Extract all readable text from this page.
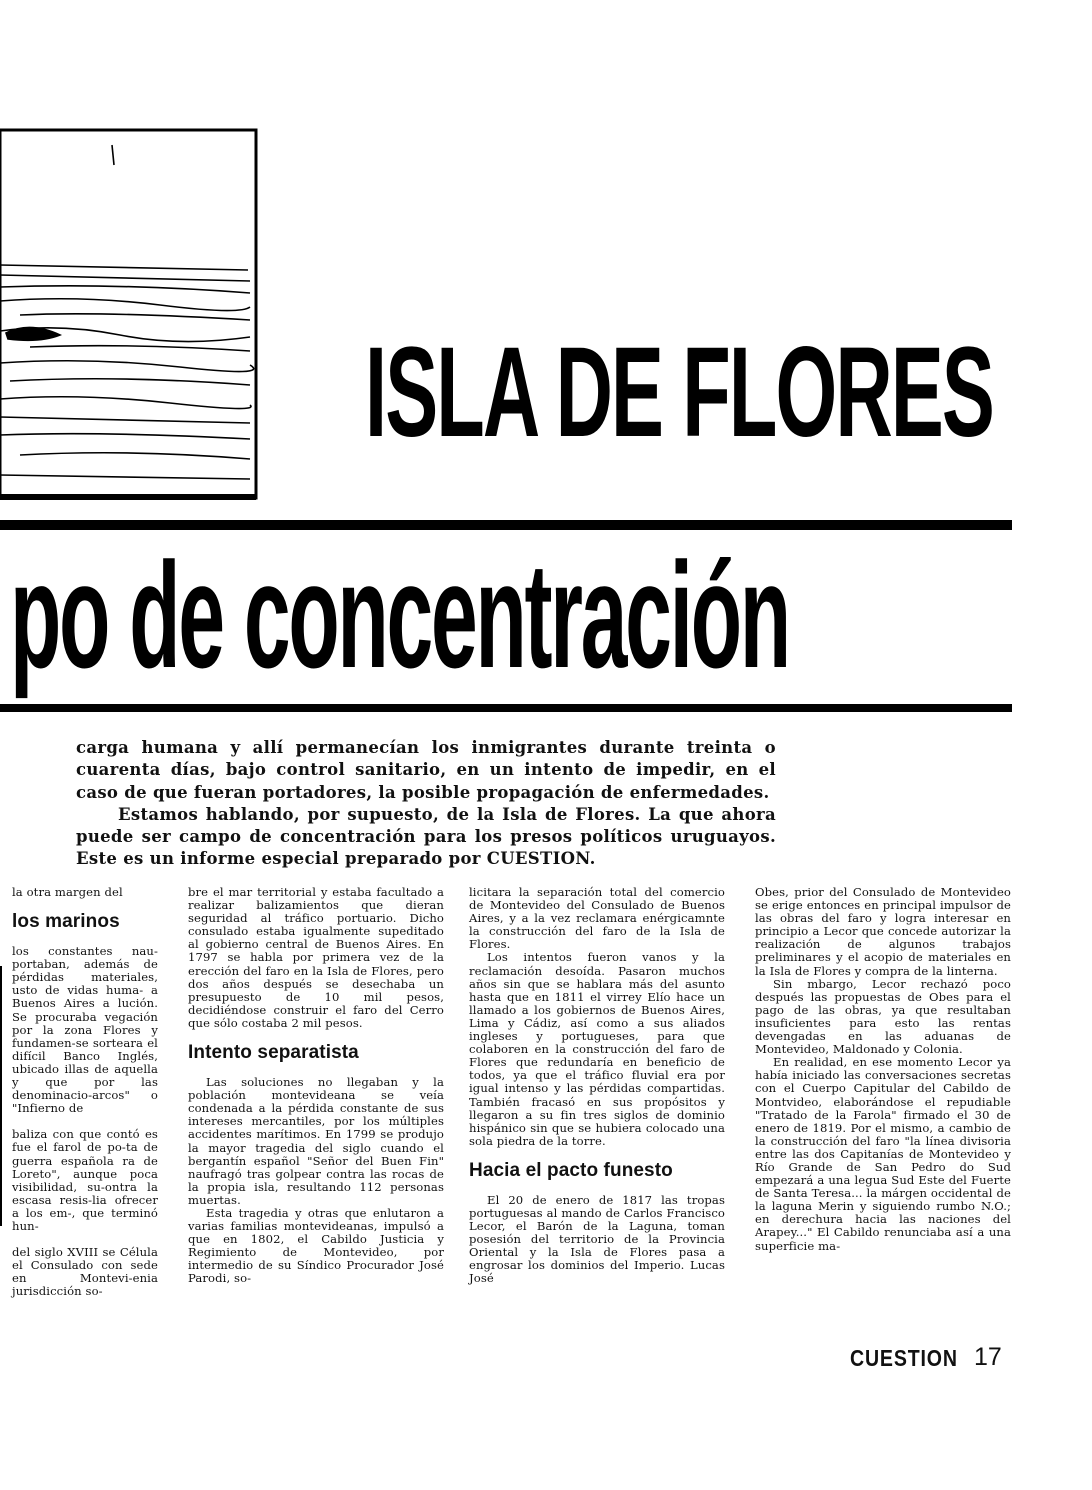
ISLA DE FLORES
po de concentración

carga humana y allí permanecían los inmigrantes durante treinta o cuarenta días, bajo control sanitario, en un intento de impedir, en el caso de que fueran portadores, la posible propagación de enfermedades.

Estamos hablando, por supuesto, de la Isla de Flores. La que ahora puede ser campo de concentración para los presos políticos uruguayos. Este es un informe especial preparado por CUESTION.

la otra margen del

los marinos

los constantes nau-portaban, además de pérdidas materiales, usto de vidas huma- a Buenos Aires a lución. Se procuraba vegación por la zona Flores y fundamen-se sorteara el difícil Banco Inglés, ubicado illas de aquella y que por las denominacio-arcos" o "Infierno de

baliza con que contó es fue el farol de po-ta de guerra española ra de Loreto", aunque poca visibilidad, su-ontra la escasa resis-lia ofrecer a los em-, que terminó hun-

del siglo XVIII se Célula el Consulado con sede en Montevi-enia jurisdicción so-

bre el mar territorial y estaba facultado a realizar balizamientos que dieran seguridad al tráfico portuario. Dicho consulado estaba igualmente supeditado al gobierno central de Buenos Aires. En 1797 se habla por primera vez de la erección del faro en la Isla de Flores, pero dos años después se desechaba un presupuesto de 10 mil pesos, decidiéndose construir el faro del Cerro que sólo costaba 2 mil pesos.

Intento separatista

Las soluciones no llegaban y la población montevideana se veía condenada a la pérdida constante de sus intereses mercantiles, por los múltiples accidentes marítimos. En 1799 se produjo la mayor tragedia del siglo cuando el bergantín español "Señor del Buen Fin" naufragó tras golpear contra las rocas de la propia isla, resultando 112 personas muertas.

Esta tragedia y otras que enlutaron a varias familias montevideanas, impulsó a que en 1802, el Cabildo Justicia y Regimiento de Montevideo, por intermedio de su Síndico Procurador José Parodi, so-

licitara la separación total del comercio de Montevideo del Consulado de Buenos Aires, y a la vez reclamara enérgicamnte la construcción del faro de la Isla de Flores.

Los intentos fueron vanos y la reclamación desoída. Pasaron muchos años sin que se hablara más del asunto hasta que en 1811 el virrey Elío hace un llamado a los gobiernos de Buenos Aires, Lima y Cádiz, así como a sus aliados ingleses y portugueses, para que colaboren en la construcción del faro de Flores que redundaría en beneficio de todos, ya que el tráfico fluvial era por igual intenso y las pérdidas compartidas. También fracasó en sus propósitos y llegaron a su fin tres siglos de dominio hispánico sin que se hubiera colocado una sola piedra de la torre.

Hacia el pacto funesto

El 20 de enero de 1817 las tropas portuguesas al mando de Carlos Francisco Lecor, el Barón de la Laguna, toman posesión del territorio de la Provincia Oriental y la Isla de Flores pasa a engrosar los dominios del Imperio. Lucas José

Obes, prior del Consulado de Montevideo se erige entonces en principal impulsor de las obras del faro y logra interesar en principio a Lecor que concede autorizar la realización de algunos trabajos preliminares y el acopio de materiales en la Isla de Flores y compra de la linterna.

Sin mbargo, Lecor rechazó poco después las propuestas de Obes para el pago de las obras, ya que resultaban insuficientes para esto las rentas devengadas en las aduanas de Montevideo, Maldonado y Colonia.

En realidad, en ese momento Lecor ya había iniciado las conversaciones secretas con el Cuerpo Capitular del Cabildo de Montvideo, elaborándose el repudiable "Tratado de la Farola" firmado el 30 de enero de 1819. Por el mismo, a cambio de la construcción del faro "la línea divisoria entre las dos Capitanías de Montevideo y Río Grande de San Pedro do Sud empezará a una legua Sud Este del Fuerte de Santa Teresa... la márgen occidental de la laguna Merin y siguiendo rumbo N.O.; en derechura hacia las naciones del Arapey..." El Cabildo renunciaba así a una superficie ma-

CUESTION 17
